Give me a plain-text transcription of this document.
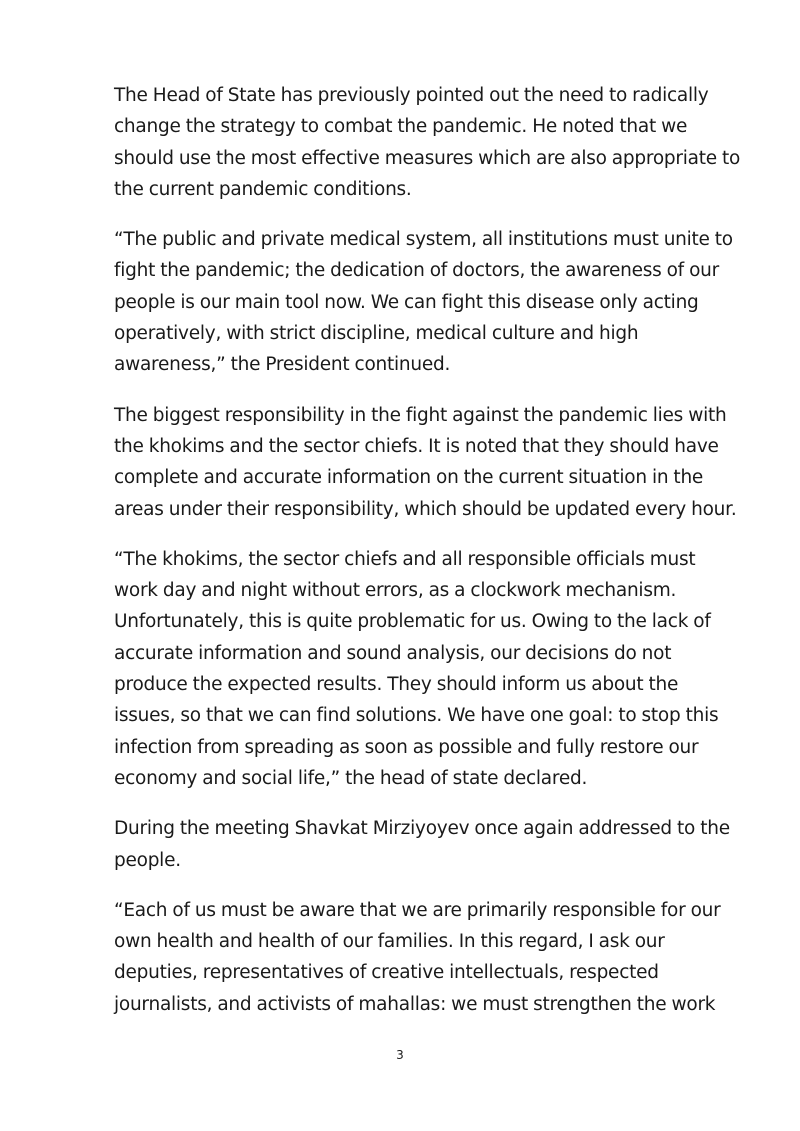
The Head of State has previously pointed out the need to radically change the strategy to combat the pandemic. He noted that we should use the most effective measures which are also appropriate to the current pandemic conditions.

“The public and private medical system, all institutions must unite to fight the pandemic; the dedication of doctors, the awareness of our people is our main tool now. We can fight this disease only acting operatively, with strict discipline, medical culture and high awareness,” the President continued.

The biggest responsibility in the fight against the pandemic lies with the khokims and the sector chiefs. It is noted that they should have complete and accurate information on the current situation in the areas under their responsibility, which should be updated every hour.

“The khokims, the sector chiefs and all responsible officials must work day and night without errors, as a clockwork mechanism. Unfortunately, this is quite problematic for us. Owing to the lack of accurate information and sound analysis, our decisions do not produce the expected results. They should inform us about the issues, so that we can find solutions. We have one goal: to stop this infection from spreading as soon as possible and fully restore our economy and social life,” the head of state declared.

During the meeting Shavkat Mirziyoyev once again addressed to the people.

“Each of us must be aware that we are primarily responsible for our own health and health of our families. In this regard, I ask our deputies, representatives of creative intellectuals, respected journalists, and activists of mahallas: we must strengthen the work

3
